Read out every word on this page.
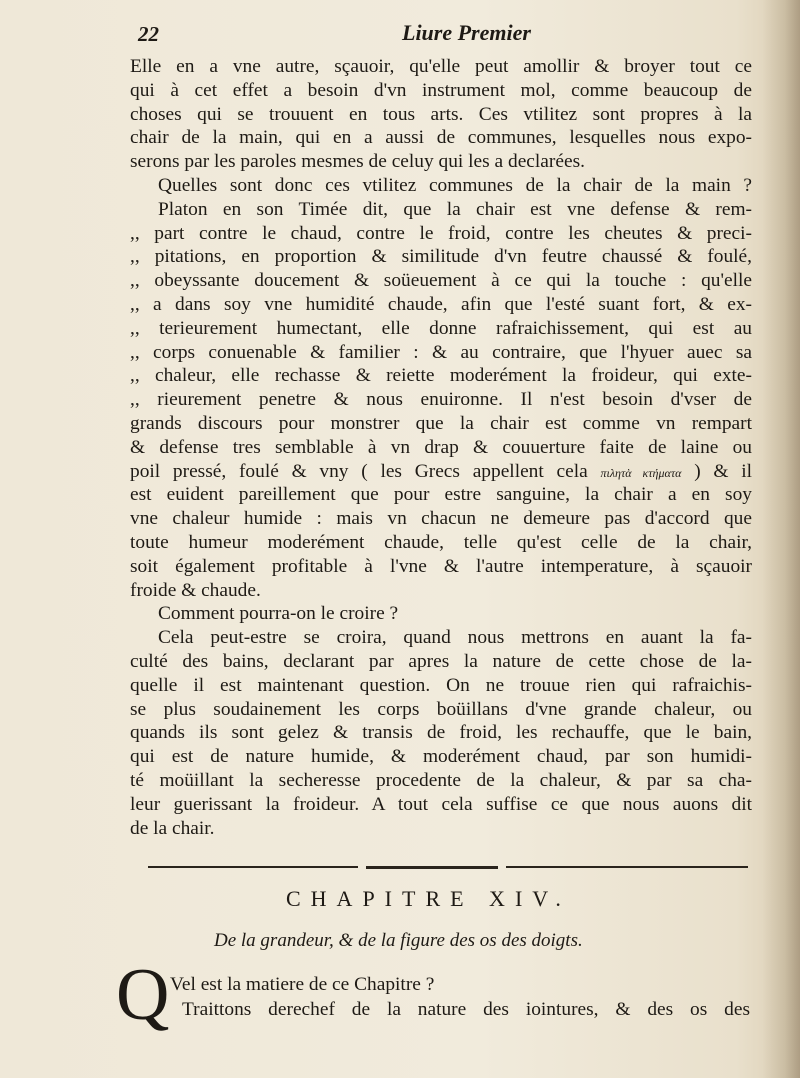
22	Liure Premier
Elle en a vne autre, sçauoir, qu'elle peut amollir & broyer tout ce
qui à cet effet a besoin d'vn instrument mol, comme beaucoup de
choses qui se trouuent en tous arts. Ces vtilitez sont propres à la
chair de la main, qui en a aussi de communes, lesquelles nous expo-
serons par les paroles mesmes de celuy qui les a declarées.
Quelles sont donc ces vtilitez communes de la chair de la main ?
Platon en son Timée dit, que la chair est vne defense & rem-
,, part contre le chaud, contre le froid, contre les cheutes & preci-
,, pitations, en proportion & similitude d'vn feutre chaussé & foulé,
,, obeyssante doucement & soüeuement à ce qui la touche : qu'elle
,, a dans soy vne humidité chaude, afin que l'esté suant fort, & ex-
,, terieurement humectant, elle donne rafraichissement, qui est au
,, corps conuenable & familier : & au contraire, que l'hyuer auec sa
,, chaleur, elle rechasse & reiette moderément la froideur, qui exte-
,, rieurement penetre & nous enuironne. Il n'est besoin d'vser de
grands discours pour monstrer que la chair est comme vn rempart
& defense tres semblable à vn drap & couuerture faite de laine ou
poil pressé, foulé & vny ( les Grecs appellent cela πιλητὰ κτήματα ) & il
est euident pareillement que pour estre sanguine, la chair a en soy
vne chaleur humide : mais vn chacun ne demeure pas d'accord que
toute humeur moderément chaude, telle qu'est celle de la chair,
soit également profitable à l'vne & l'autre intemperature, à sçauoir
froide & chaude.
Comment pourra-on le croire ?
Cela peut-estre se croira, quand nous mettrons en auant la fa-
culté des bains, declarant par apres la nature de cette chose de la-
quelle il est maintenant question. On ne trouue rien qui rafraichis-
se plus soudainement les corps boüillans d'vne grande chaleur, ou
quands ils sont gelez & transis de froid, les rechauffe, que le bain,
qui est de nature humide, & moderément chaud, par son humidi-
té moüillant la secheresse procedente de la chaleur, & par sa cha-
leur guerissant la froideur. A tout cela suffise ce que nous auons dit
de la chair.
CHAPITRE XIV.
De la grandeur, & de la figure des os des doigts.
Q Vel est la matiere de ce Chapitre ?
Traittons derechef de la nature des iointures, & des os des
